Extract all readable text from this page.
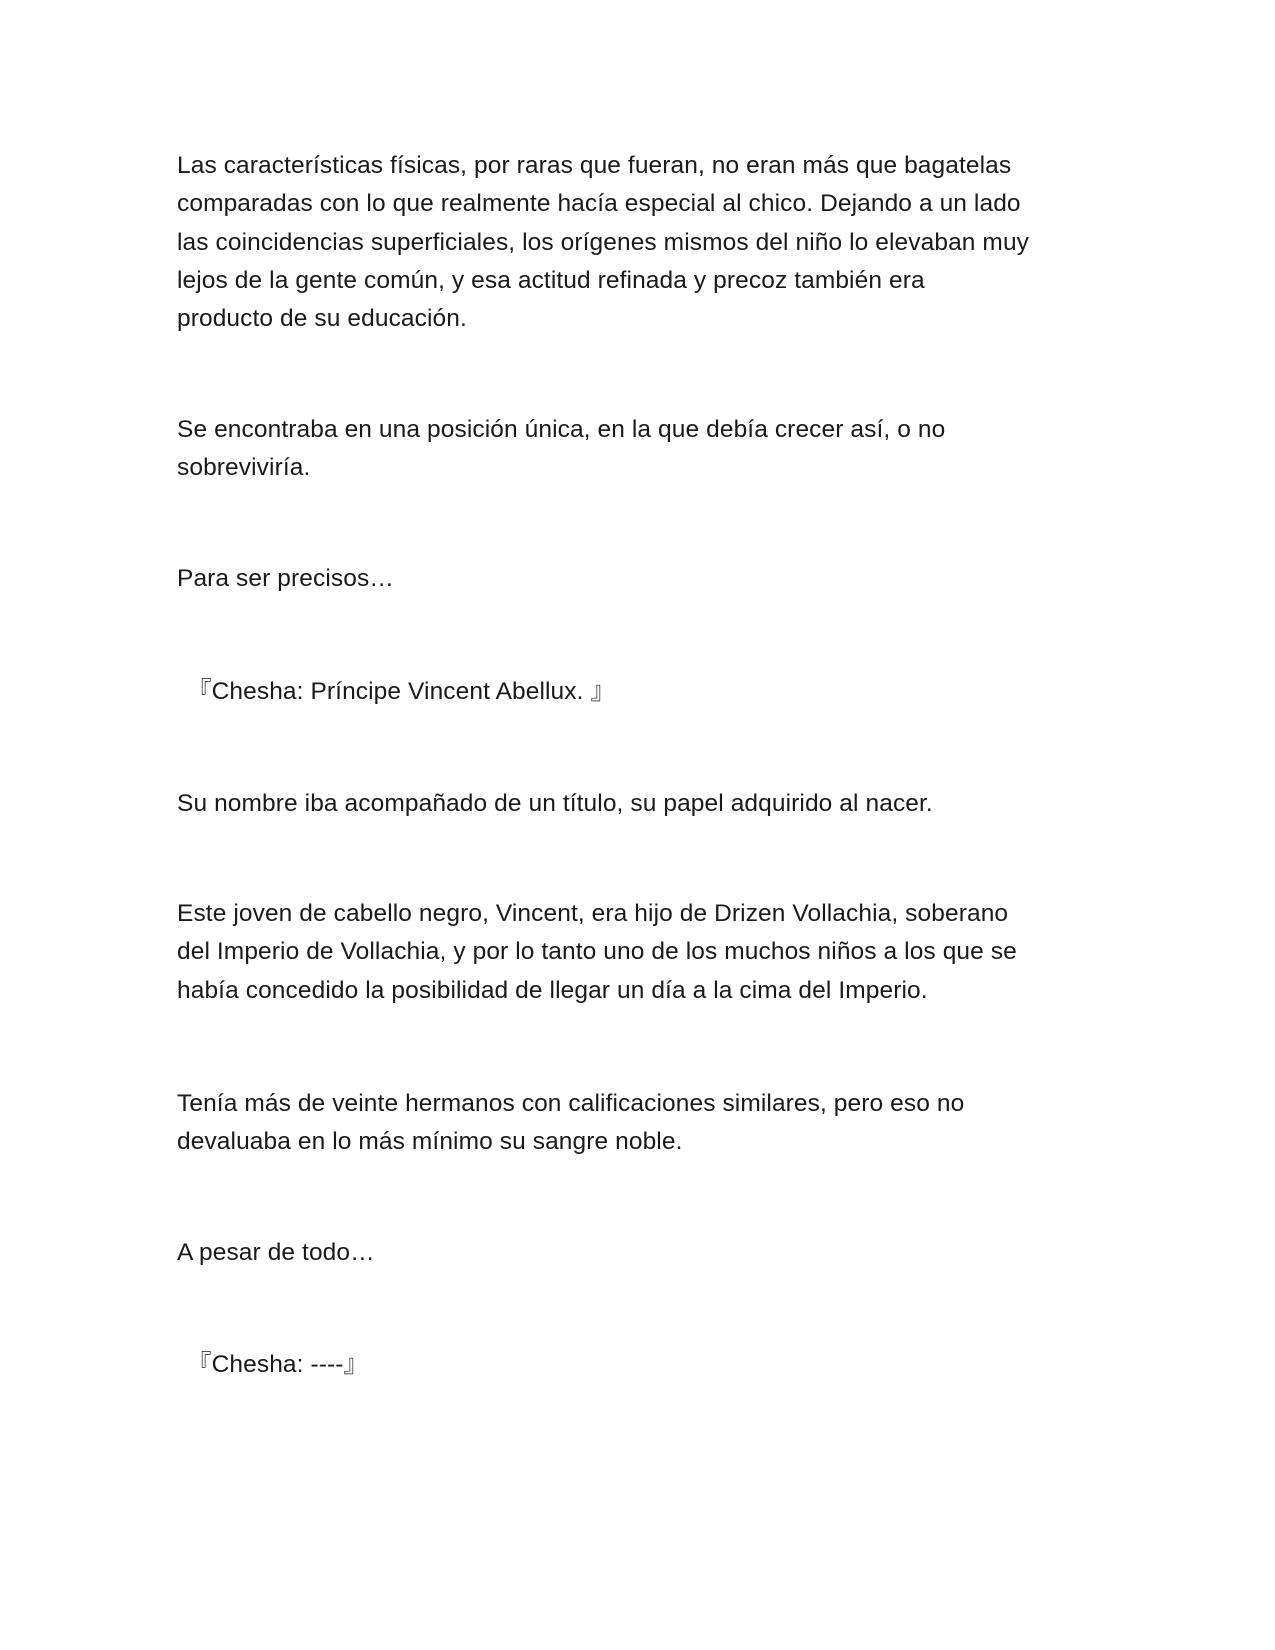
Las características físicas, por raras que fueran, no eran más que bagatelas
comparadas con lo que realmente hacía especial al chico. Dejando a un lado
las coincidencias superficiales, los orígenes mismos del niño lo elevaban muy
lejos de la gente común, y esa actitud refinada y precoz también era
producto de su educación.

Se encontraba en una posición única, en la que debía crecer así, o no
sobreviviría.

Para ser precisos…

『Chesha: Príncipe Vincent Abellux. 』

Su nombre iba acompañado de un título, su papel adquirido al nacer.

Este joven de cabello negro, Vincent, era hijo de Drizen Vollachia, soberano
del Imperio de Vollachia, y por lo tanto uno de los muchos niños a los que se
había concedido la posibilidad de llegar un día a la cima del Imperio.

Tenía más de veinte hermanos con calificaciones similares, pero eso no
devaluaba en lo más mínimo su sangre noble.

A pesar de todo…

『Chesha: ----』
